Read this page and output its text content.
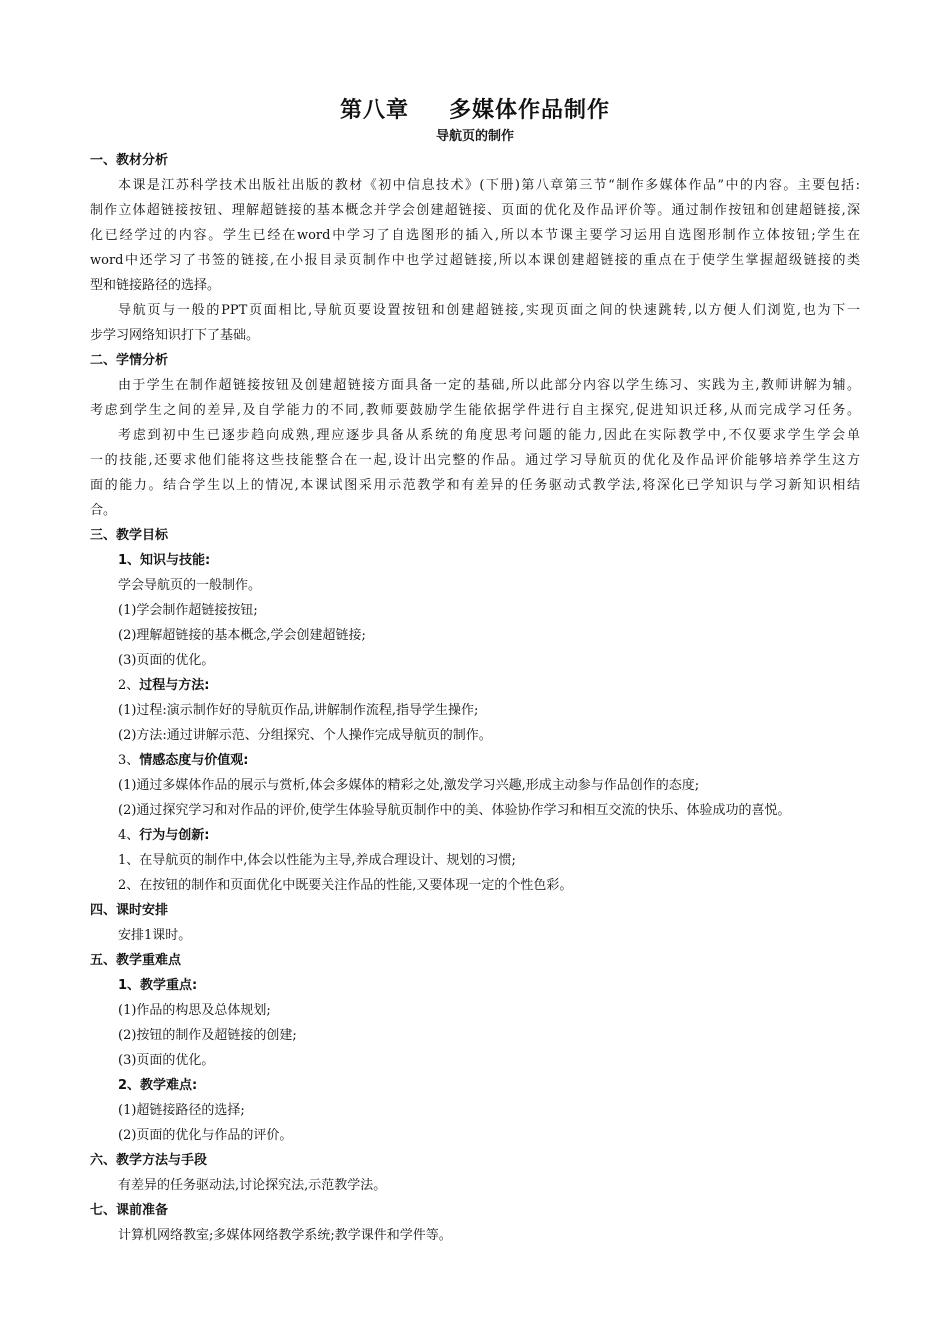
第八章 多媒体作品制作
导航页的制作
一、教材分析
本课是江苏科学技术出版社出版的教材《初中信息技术》(下册)第八章第三节“制作多媒体作品”中的内容。主要包括:
制作立体超链接按钮、理解超链接的基本概念并学会创建超链接、页面的优化及作品评价等。通过制作按钮和创建超链接,深
化已经学过的内容。学生已经在word中学习了自选图形的插入,所以本节课主要学习运用自选图形制作立体按钮;学生在
word中还学习了书签的链接,在小报目录页制作中也学过超链接,所以本课创建超链接的重点在于使学生掌握超级链接的类
型和链接路径的选择。
导航页与一般的PPT页面相比,导航页要设置按钮和创建超链接,实现页面之间的快速跳转,以方便人们浏览,也为下一
步学习网络知识打下了基础。
二、学情分析
由于学生在制作超链接按钮及创建超链接方面具备一定的基础,所以此部分内容以学生练习、实践为主,教师讲解为辅。
考虑到学生之间的差异,及自学能力的不同,教师要鼓励学生能依据学件进行自主探究,促进知识迁移,从而完成学习任务。
考虑到初中生已逐步趋向成熟,理应逐步具备从系统的角度思考问题的能力,因此在实际教学中,不仅要求学生学会单
一的技能,还要求他们能将这些技能整合在一起,设计出完整的作品。通过学习导航页的优化及作品评价能够培养学生这方
面的能力。结合学生以上的情况,本课试图采用示范教学和有差异的任务驱动式教学法,将深化已学知识与学习新知识相结
合。
三、教学目标
1、知识与技能:
学会导航页的一般制作。
(1)学会制作超链接按钮;
(2)理解超链接的基本概念,学会创建超链接;
(3)页面的优化。
2、过程与方法:
(1)过程:演示制作好的导航页作品,讲解制作流程,指导学生操作;
(2)方法:通过讲解示范、分组探究、个人操作完成导航页的制作。
3、情感态度与价值观:
(1)通过多媒体作品的展示与赏析,体会多媒体的精彩之处,激发学习兴趣,形成主动参与作品创作的态度;
(2)通过探究学习和对作品的评价,使学生体验导航页制作中的美、体验协作学习和相互交流的快乐、体验成功的喜悦。
4、行为与创新:
1、在导航页的制作中,体会以性能为主导,养成合理设计、规划的习惯;
2、在按钮的制作和页面优化中既要关注作品的性能,又要体现一定的个性色彩。
四、课时安排
安排1课时。
五、教学重难点
1、教学重点:
(1)作品的构思及总体规划;
(2)按钮的制作及超链接的创建;
(3)页面的优化。
2、教学难点:
(1)超链接路径的选择;
(2)页面的优化与作品的评价。
六、教学方法与手段
有差异的任务驱动法,讨论探究法,示范教学法。
七、课前准备
计算机网络教室;多媒体网络教学系统;教学课件和学件等。
